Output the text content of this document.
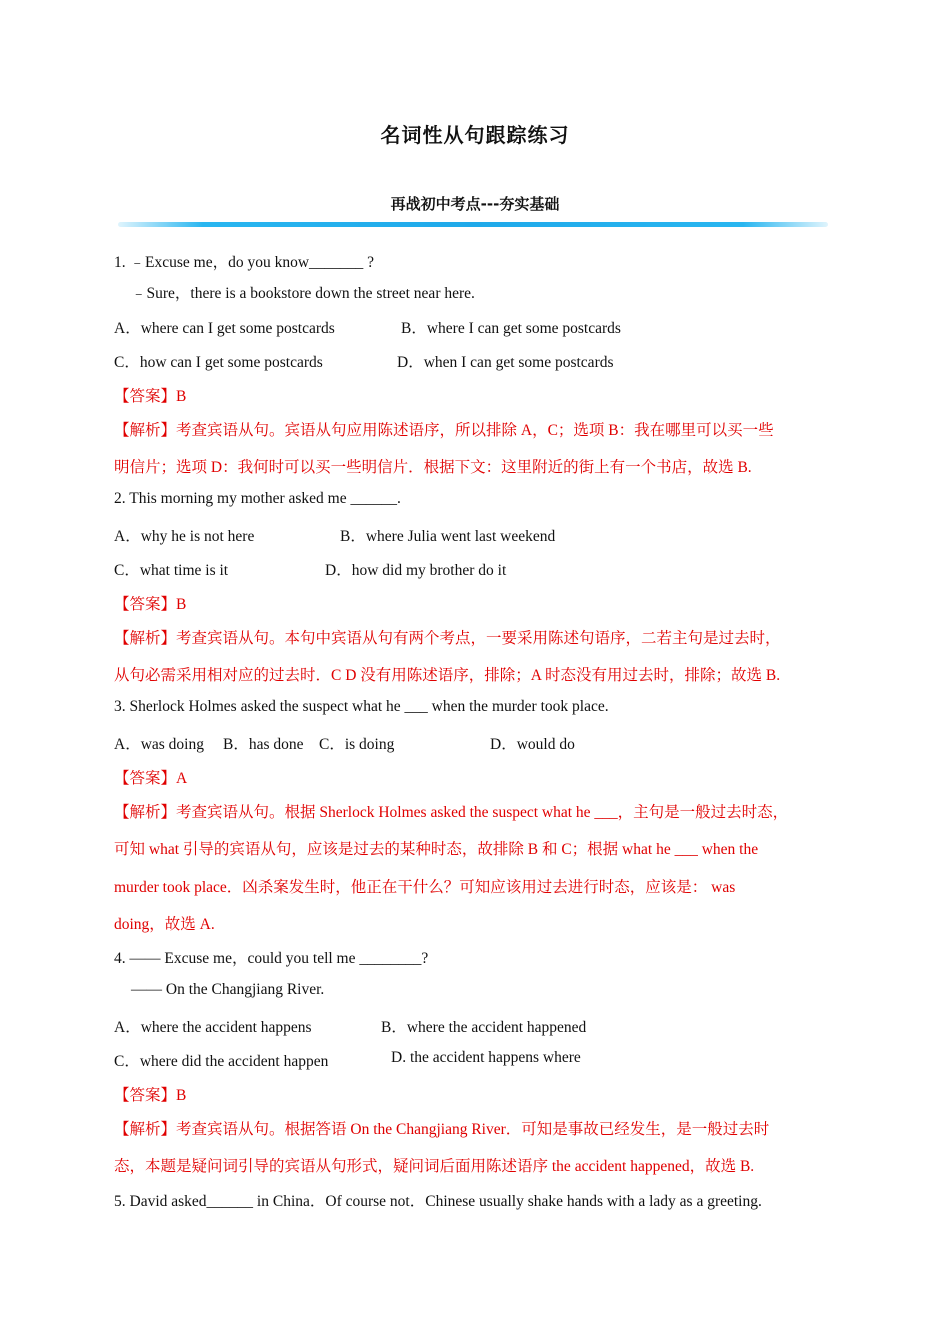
名词性从句跟踪练习
再战初中考点---夯实基础
1. ﹣Excuse me，do you know_______ ?
﹣Sure，there is a bookstore down the street near here.
A．where can I get some postcards	B．where I can get some postcards
C．how can I get some postcards	D．when I can get some postcards
【答案】B
【解析】考查宾语从句。宾语从句应用陈述语序，所以排除 A，C；选项 B：我在哪里可以买一些
明信片；选项 D：我何时可以买一些明信片．根据下文：这里附近的街上有一个书店，故选 B.
2. This morning my mother asked me ______.
A．why he is not here	B．where Julia went last weekend
C．what time is it	D．how did my brother do it
【答案】B
【解析】考查宾语从句。本句中宾语从句有两个考点，一要采用陈述句语序，二若主句是过去时，
从句必需采用相对应的过去时．C D 没有用陈述语序，排除；A 时态没有用过去时，排除；故选 B.
3. Sherlock Holmes asked the suspect what he ___ when the murder took place.
A．was doing B．has done C．is doing	D．would do
【答案】A
【解析】考查宾语从句。根据 Sherlock Holmes asked the suspect what he ___，主句是一般过去时态，
可知 what 引导的宾语从句，应该是过去的某种时态，故排除 B 和 C；根据 what he ___ when the
murder took place．凶杀案发生时，他正在干什么？可知应该用过去进行时态，应该是： was
doing，故选 A.
4. —— Excuse me，could you tell me ________?
—— On the Changjiang River.
A．where the accident happens	B．where the accident happened
C．where did the accident happen	D. the accident happens where
【答案】B
【解析】考查宾语从句。根据答语 On the Changjiang River．可知是事故已经发生，是一般过去时
态，本题是疑问词引导的宾语从句形式，疑问词后面用陈述语序 the accident happened，故选 B.
5. David asked______ in China．Of course not．Chinese usually shake hands with a lady as a greeting.
